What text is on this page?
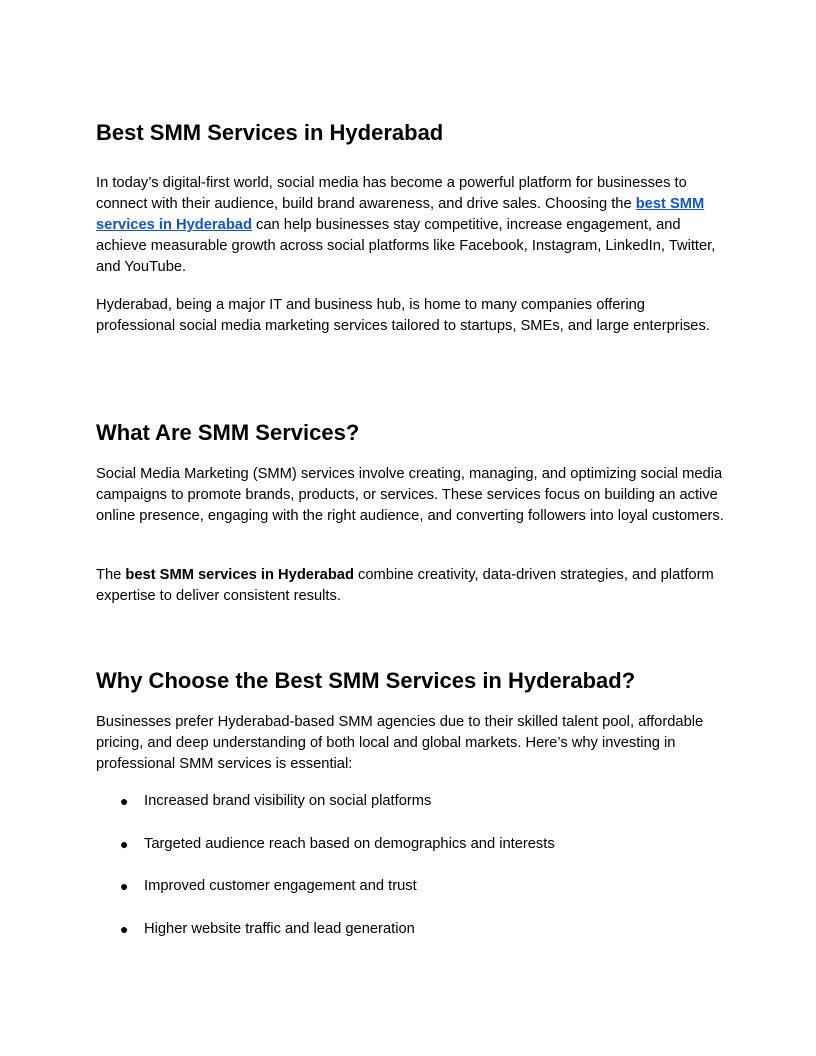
Best SMM Services in Hyderabad

In today’s digital-first world, social media has become a powerful platform for businesses to connect with their audience, build brand awareness, and drive sales. Choosing the best SMM services in Hyderabad can help businesses stay competitive, increase engagement, and achieve measurable growth across social platforms like Facebook, Instagram, LinkedIn, Twitter, and YouTube.

Hyderabad, being a major IT and business hub, is home to many companies offering professional social media marketing services tailored to startups, SMEs, and large enterprises.

What Are SMM Services?

Social Media Marketing (SMM) services involve creating, managing, and optimizing social media campaigns to promote brands, products, or services. These services focus on building an active online presence, engaging with the right audience, and converting followers into loyal customers.

The best SMM services in Hyderabad combine creativity, data-driven strategies, and platform expertise to deliver consistent results.

Why Choose the Best SMM Services in Hyderabad?

Businesses prefer Hyderabad-based SMM agencies due to their skilled talent pool, affordable pricing, and deep understanding of both local and global markets. Here’s why investing in professional SMM services is essential:

● Increased brand visibility on social platforms
● Targeted audience reach based on demographics and interests
● Improved customer engagement and trust
● Higher website traffic and lead generation
